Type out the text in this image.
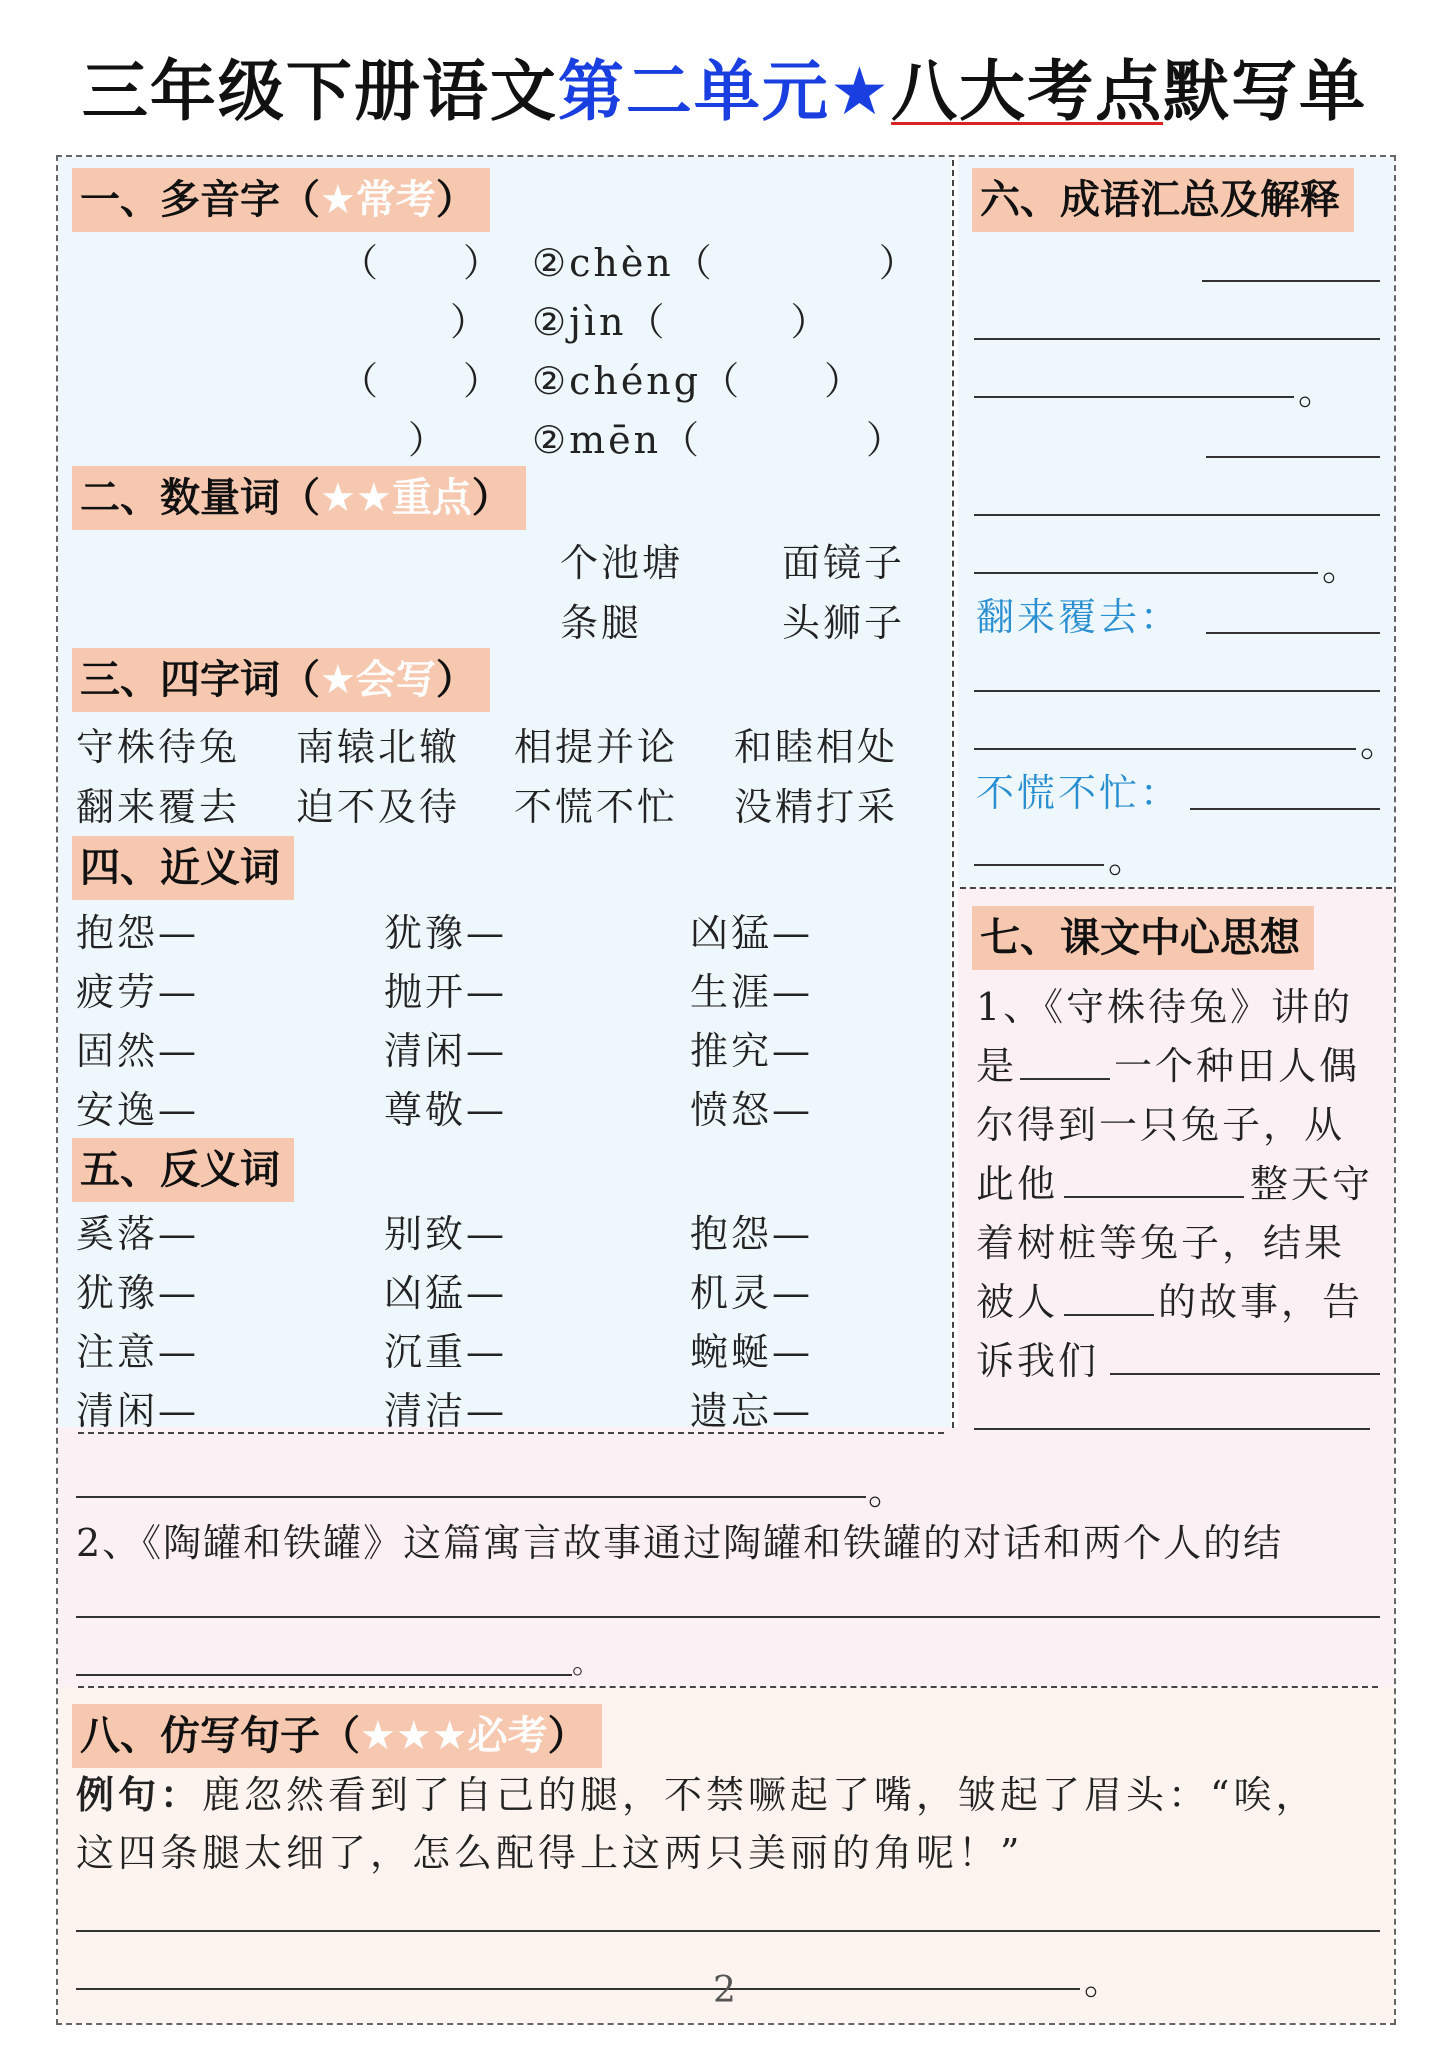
三年级下册语文第二单元★八大考点默写单
一、多音字（★常考）
（　　） ②chèn（　　　　）
） ②jìn（　　　）
（　　） ②chéng（　　）
） ②mēn（　　　　）
二、数量词（★★重点）
个池塘	面镜子
条腿	头狮子
三、四字词（★会写）
守株待兔 南辕北辙 相提并论 和睦相处
翻来覆去 迫不及待 不慌不忙 没精打采
四、近义词
抱怨—	犹豫—	凶猛—
疲劳—	抛开—	生涯—
固然—	清闲—	推究—
安逸—	尊敬—	愤怒—
五、反义词
奚落—	别致—	抱怨—
犹豫—	凶猛—	机灵—
注意—	沉重—	蜿蜒—
清闲—	清洁—	遗忘—
六、成语汇总及解释
。
。
翻来覆去：
。
不慌不忙：
。
七、课文中心思想
1、《守株待兔》讲的
是	一个种田人偶
尔得到一只兔子，从
此他	整天守
着树桩等兔子，结果
被人	的故事，告
诉我们
。
2、《陶罐和铁罐》这篇寓言故事通过陶罐和铁罐的对话和两个人的结
。
八、仿写句子（★★★必考）
例句：鹿忽然看到了自己的腿，不禁噘起了嘴，皱起了眉头：“唉，
这四条腿太细了，怎么配得上这两只美丽的角呢！”
。
2
